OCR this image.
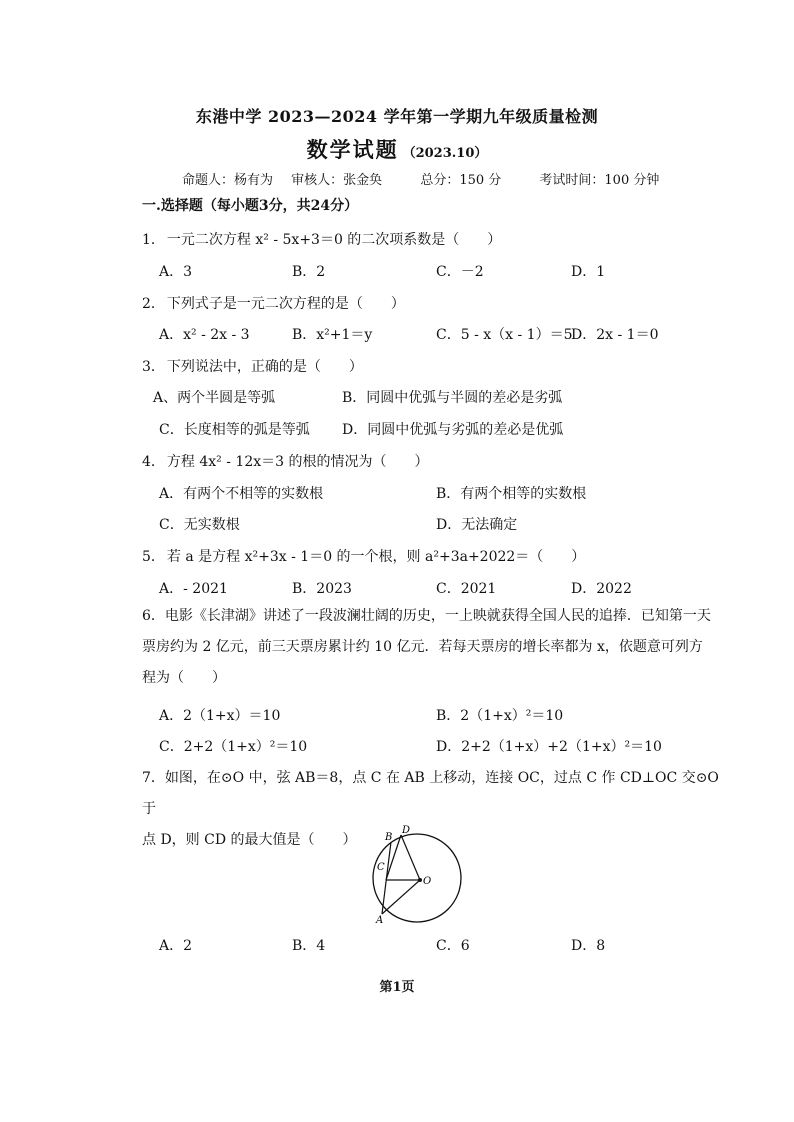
东港中学 2023—2024 学年第一学期九年级质量检测
数学试题 （2023.10）
命题人：杨有为 审核人：张金奂	总分：150 分	考试时间：100 分钟
一.选择题（每小题3分，共24分）
1． 一元二次方程 x² - 5x+3＝0 的二次项系数是（　　）
A．3	B．2	C．－2	D．1
2． 下列式子是一元二次方程的是（　　）
A．x² - 2x - 3	B．x²+1＝y	C．5 - x（x - 1）＝5
D．2x - 1＝0
3． 下列说法中，正确的是（　　）
A、两个半圆是等弧	B．同圆中优弧与半圆的差必是劣弧
C．长度相等的弧是等弧 D．同圆中优弧与劣弧的差必是优弧
4． 方程 4x² - 12x＝3 的根的情况为（　　）
A．有两个不相等的实数根	B．有两个相等的实数根
C．无实数根	D．无法确定
5． 若 a 是方程 x²+3x - 1＝0 的一个根，则 a²+3a+2022＝（　　）
A．- 2021	B．2023	C．2021	D．2022
6．电影《长津湖》讲述了一段波澜壮阔的历史，一上映就获得全国人民的追捧．已知第一天
票房约为 2 亿元，前三天票房累计约 10 亿元．若每天票房的增长率都为 x，依题意可列方
程为（　　）
A．2（1+x）＝10	B．2（1+x）²＝10
C．2+2（1+x）²＝10	D．2+2（1+x）+2（1+x）²＝10
7．如图，在⊙O 中，弦 AB＝8，点 C 在 AB 上移动，连接 OC，过点 C 作 CD⊥OC 交⊙O 于
点 D，则 CD 的最大值是（　　）
D
B
C
O
A
A．2	B．4	C．6	D．8
第1页
